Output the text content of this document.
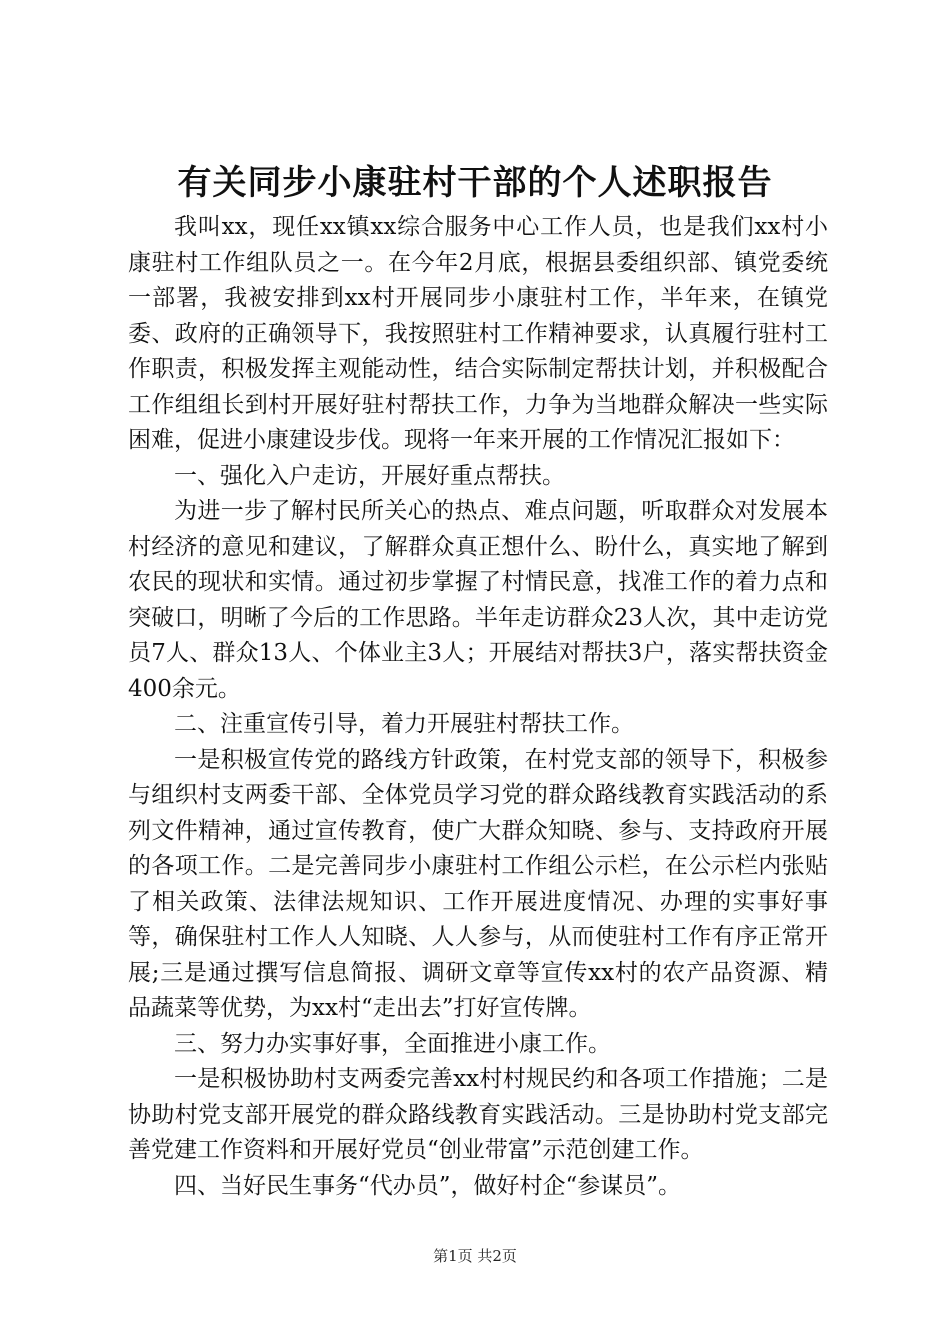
有关同步小康驻村干部的个人述职报告

我叫xx，现任xx镇xx综合服务中心工作人员，也是我们xx村小康驻村工作组队员之一。在今年2月底，根据县委组织部、镇党委统一部署，我被安排到xx村开展同步小康驻村工作，半年来，在镇党委、政府的正确领导下，我按照驻村工作精神要求，认真履行驻村工作职责，积极发挥主观能动性，结合实际制定帮扶计划，并积极配合工作组组长到村开展好驻村帮扶工作，力争为当地群众解决一些实际困难，促进小康建设步伐。现将一年来开展的工作情况汇报如下：

一、强化入户走访，开展好重点帮扶。

为进一步了解村民所关心的热点、难点问题，听取群众对发展本村经济的意见和建议，了解群众真正想什么、盼什么，真实地了解到农民的现状和实情。通过初步掌握了村情民意，找准工作的着力点和突破口，明晰了今后的工作思路。半年走访群众23人次，其中走访党员7人、群众13人、个体业主3人；开展结对帮扶3户，落实帮扶资金400余元。

二、注重宣传引导，着力开展驻村帮扶工作。

一是积极宣传党的路线方针政策，在村党支部的领导下，积极参与组织村支两委干部、全体党员学习党的群众路线教育实践活动的系列文件精神，通过宣传教育，使广大群众知晓、参与、支持政府开展的各项工作。二是完善同步小康驻村工作组公示栏，在公示栏内张贴了相关政策、法律法规知识、工作开展进度情况、办理的实事好事等，确保驻村工作人人知晓、人人参与，从而使驻村工作有序正常开展;三是通过撰写信息简报、调研文章等宣传xx村的农产品资源、精品蔬菜等优势，为xx村“走出去”打好宣传牌。

三、努力办实事好事，全面推进小康工作。

一是积极协助村支两委完善xx村村规民约和各项工作措施；二是协助村党支部开展党的群众路线教育实践活动。三是协助村党支部完善党建工作资料和开展好党员“创业带富”示范创建工作。

四、当好民生事务“代办员”，做好村企“参谋员”。

第1页 共2页
